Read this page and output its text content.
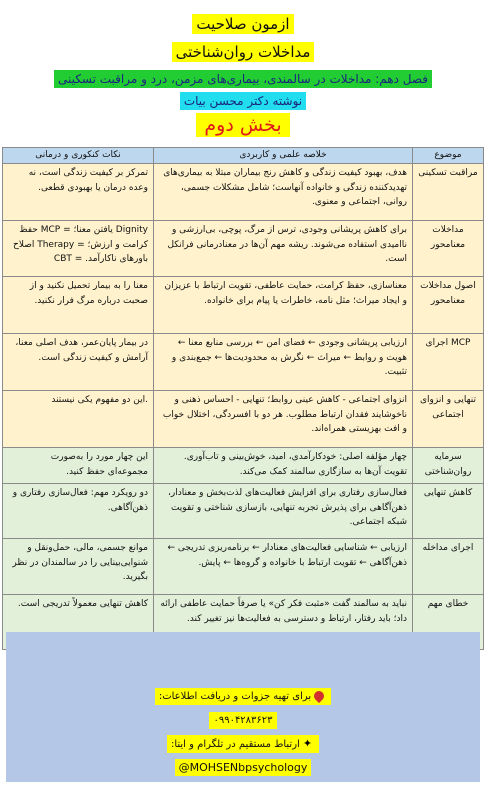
ازمون صلاحیت
مداخلات روان‌شناختی
فصل دهم: مداخلات در سالمندی، بیماری‌های مزمن، درد و مراقبت تسکینی
نوشته دکتر محسن بیات
بخش دوم
موضوع	خلاصه علمی و کاربردی	نکات کنکوری و درمانی
مراقبت تسکینی	هدف، بهبود کیفیت زندگی و کاهش رنج بیماران مبتلا به بیماری‌های تهدیدکننده زندگی و خانواده آنهاست؛ شامل مشکلات جسمی، روانی، اجتماعی و معنوی.	تمرکز بر کیفیت زندگی است، نه وعده درمان یا بهبودی قطعی.
مداخلات معنامحور	برای کاهش پریشانی وجودی، ترس از مرگ، پوچی، بی‌ارزشی و ناامیدی استفاده می‌شوند. ریشه مهم آن‌ها در معنادرمانی فرانکل است.	Dignity یافتن معنا؛ = MCP حفظ کرامت و ارزش؛ = Therapy اصلاح باورهای ناکارآمد. = CBT
اصول مداخلات معنامحور	معناسازی، حفظ کرامت، حمایت عاطفی، تقویت ارتباط با عزیزان و ایجاد میراث؛ مثل نامه، خاطرات یا پیام برای خانواده.	معنا را به بیمار تحمیل نکنید و از صحبت درباره مرگ فرار نکنید.
MCP اجرای	ارزیابی پریشانی وجودی ← فضای امن ← بررسی منابع معنا ← هویت و روابط ← میراث ← نگرش به محدودیت‌ها ← جمع‌بندی و تثبیت.	در بیمار پایان‌عمر، هدف اصلی معنا، آرامش و کیفیت زندگی است.
تنهایی و انزوای اجتماعی	انزوای اجتماعی - کاهش عینی روابط؛ تنهایی - احساس ذهنی و ناخوشایند فقدان ارتباط مطلوب. هر دو با افسردگی، اختلال خواب و افت بهزیستی همراه‌اند.	.این دو مفهوم یکی نیستند
سرمایه روان‌شناختی	چهار مؤلفه اصلی: خودکارآمدی، امید، خوش‌بینی و تاب‌آوری. تقویت آن‌ها به سازگاری سالمند کمک می‌کند.	این چهار مورد را به‌صورت مجموعه‌ای حفظ کنید.
کاهش تنهایی	فعال‌سازی رفتاری برای افزایش فعالیت‌های لذت‌بخش و معنادار، ذهن‌آگاهی برای پذیرش تجربه تنهایی، بازسازی شناختی و تقویت شبکه اجتماعی.	دو رویکرد مهم: فعال‌سازی رفتاری و ذهن‌آگاهی.
اجرای مداخله	ارزیابی ← شناسایی فعالیت‌های معنادار ← برنامه‌ریزی تدریجی ← ذهن‌آگاهی ← تقویت ارتباط با خانواده و گروه‌ها ← پایش.	موانع جسمی، مالی، حمل‌ونقل و شنوایی‌بینایی را در سالمندان در نظر بگیرید.
خطای مهم	نباید به سالمند گفت «مثبت فکر کن» یا صرفاً حمایت عاطفی ارائه داد؛ باید رفتار، ارتباط و دسترسی به فعالیت‌ها نیز تغییر کند.	کاهش تنهایی معمولاً تدریجی است.
برای تهیه جزوات و دریافت اطلاعات:
۰۹۹۰۴۲۸۳۶۲۳
✦ارتباط مستقیم در تلگرام و ایتا:
@MOHSENbpsychology
